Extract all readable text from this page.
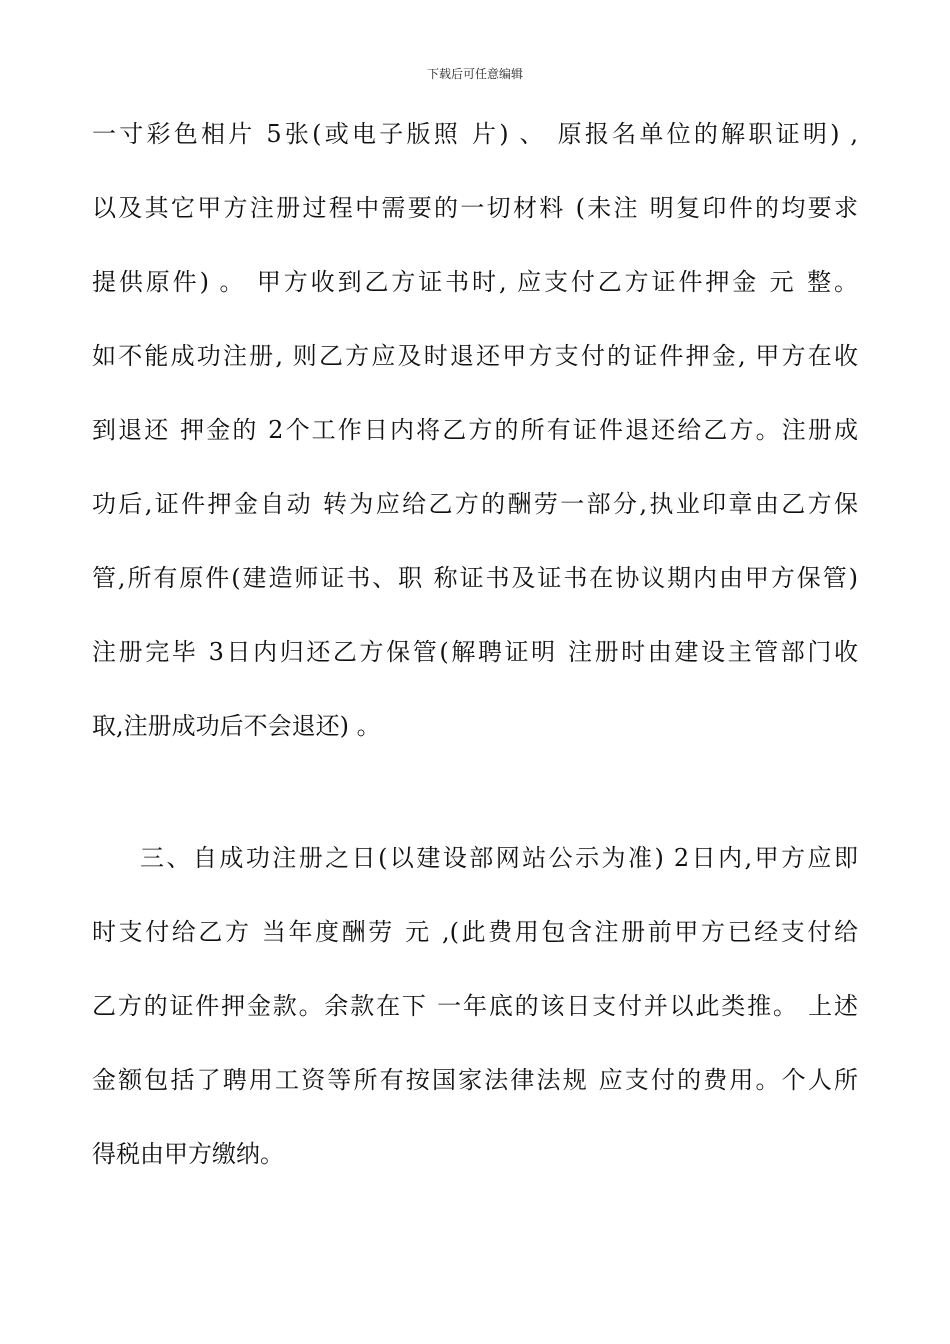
下载后可任意编辑
一寸彩色相片 5张(或电子版照 片) 、 原报名单位的解职证明) ,
以及其它甲方注册过程中需要的一切材料 (未注 明复印件的均要求
提供原件) 。 甲方收到乙方证书时, 应支付乙方证件押金 元 整。
如不能成功注册, 则乙方应及时退还甲方支付的证件押金, 甲方在收
到退还 押金的 2个工作日内将乙方的所有证件退还给乙方。注册成
功后,证件押金自动 转为应给乙方的酬劳一部分,执业印章由乙方保
管,所有原件(建造师证书、职 称证书及证书在协议期内由甲方保管)
注册完毕 3日内归还乙方保管(解聘证明 注册时由建设主管部门收
取,注册成功后不会退还) 。
三、自成功注册之日(以建设部网站公示为准) 2日内,甲方应即
时支付给乙方 当年度酬劳 元 ,(此费用包含注册前甲方已经支付给
乙方的证件押金款。余款在下 一年底的该日支付并以此类推。 上述
金额包括了聘用工资等所有按国家法律法规 应支付的费用。个人所
得税由甲方缴纳。
